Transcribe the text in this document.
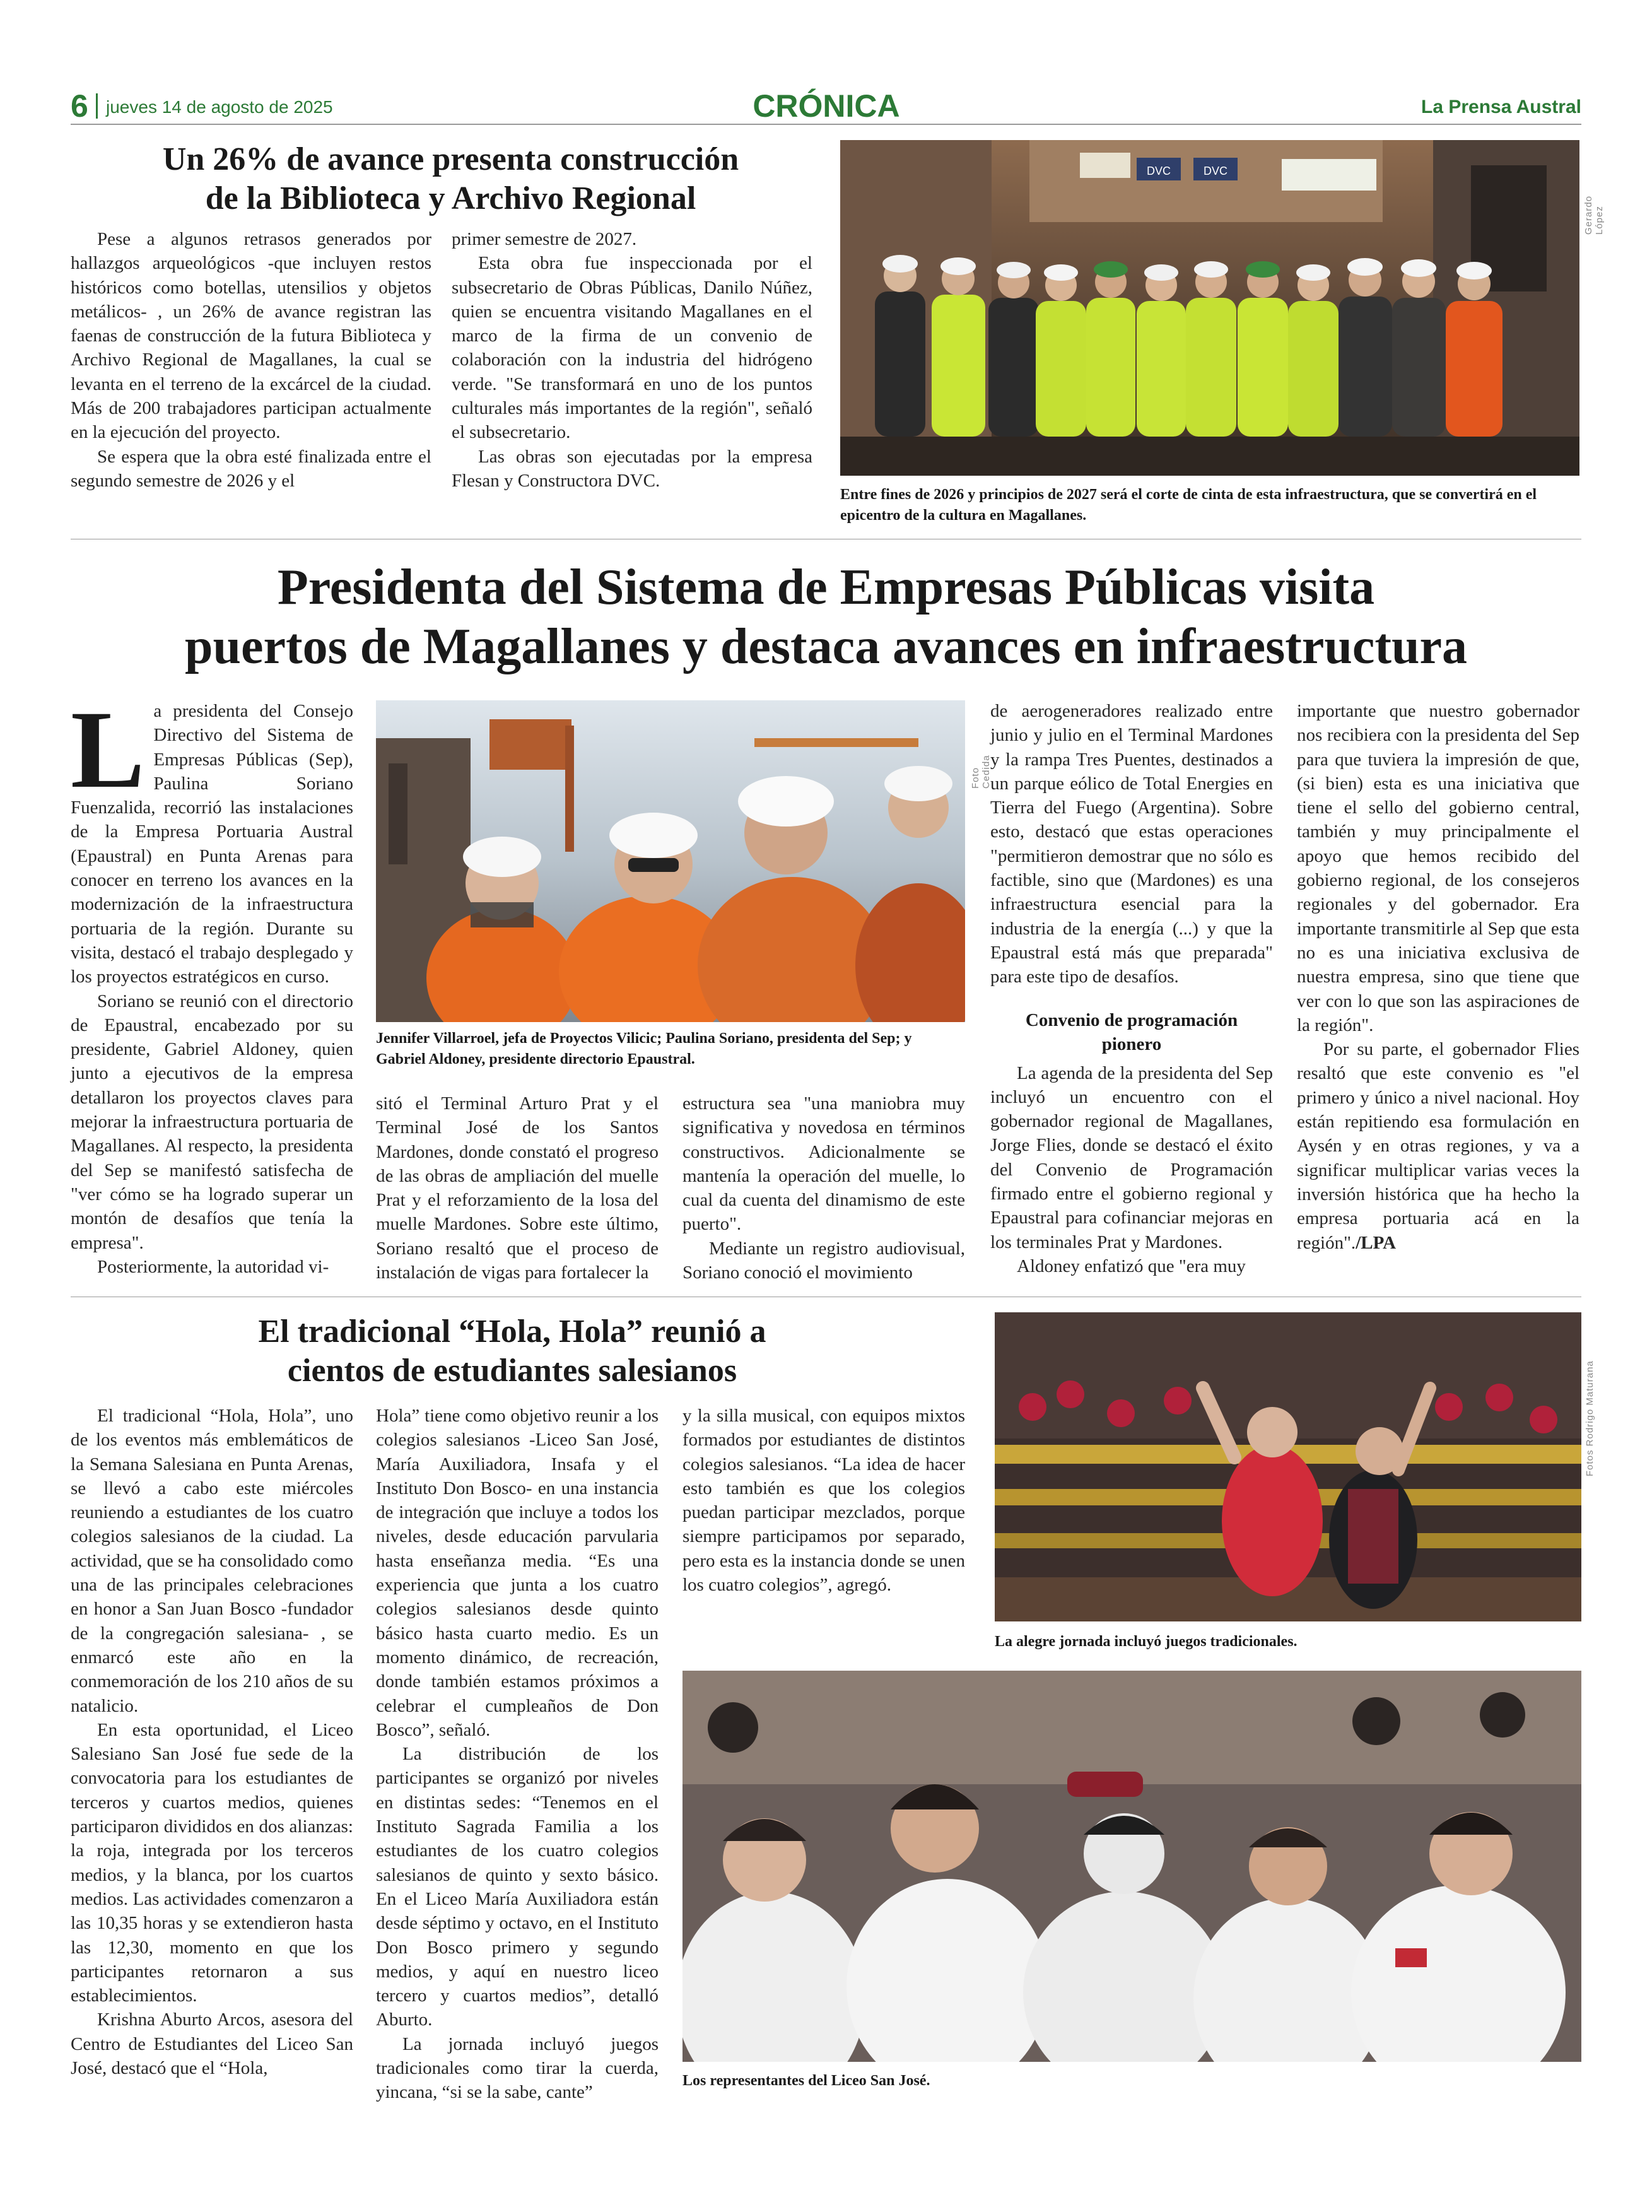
6 jueves 14 de agosto de 2025	CRÓNICA	La Prensa Austral
Un 26% de avance presenta construcción
de la Biblioteca y Archivo Regional

Pese a algunos retrasos generados por hallazgos arqueológicos -que incluyen restos históricos como botellas, utensilios y objetos metálicos- , un 26% de avance registran las faenas de construcción de la futura Biblioteca y Archivo Regional de Magallanes, la cual se levanta en el terreno de la excárcel de la ciudad. Más de 200 trabajadores participan actualmente en la ejecución del proyecto.

Se espera que la obra esté finalizada entre el segundo semestre de 2026 y el

primer semestre de 2027.

Esta obra fue inspeccionada por el subsecretario de Obras Públicas, Danilo Núñez, quien se encuentra visitando Magallanes en el marco de la firma de un convenio de colaboración con la industria del hidrógeno verde. "Se transformará en uno de los puntos culturales más importantes de la región", señaló el subsecretario.

Las obras son ejecutadas por la empresa Flesan y Constructora DVC.

DVC	DVC
Gerardo López
Entre fines de 2026 y principios de 2027 será el corte de cinta de esta infraestructura, que se convertirá en el epicentro de la cultura en Magallanes.
Presidenta del Sistema de Empresas Públicas visita
puertos de Magallanes y destaca avances en infraestructura

La presidenta del Consejo Directivo del Sistema de Empresas Públicas (Sep), Paulina Soriano Fuenzalida, recorrió las instalaciones de la Empresa Portuaria Austral (Epaustral) en Punta Arenas para conocer en terreno los avances en la modernización de la infraestructura portuaria de la región. Durante su visita, destacó el trabajo desplegado y los proyectos estratégicos en curso.

Soriano se reunió con el directorio de Epaustral, encabezado por su presidente, Gabriel Aldoney, quien junto a ejecutivos de la empresa detallaron los proyectos claves para mejorar la infraestructura portuaria de Magallanes. Al respecto, la presidenta del Sep se manifestó satisfecha de "ver cómo se ha logrado superar un montón de desafíos que tenía la empresa".

Posteriormente, la autoridad vi-

Foto Cedida
Jennifer Villarroel, jefa de Proyectos Vilicic; Paulina Soriano, presidenta del Sep; y Gabriel Aldoney, presidente directorio Epaustral.

sitó el Terminal Arturo Prat y el Terminal José de los Santos Mardones, donde constató el progreso de las obras de ampliación del muelle Prat y el reforzamiento de la losa del muelle Mardones. Sobre este último, Soriano resaltó que el proceso de instalación de vigas para fortalecer la

estructura sea "una maniobra muy significativa y novedosa en términos constructivos. Adicionalmente se mantenía la operación del muelle, lo cual da cuenta del dinamismo de este puerto".

Mediante un registro audiovisual, Soriano conoció el movimiento

de aerogeneradores realizado entre junio y julio en el Terminal Mardones y la rampa Tres Puentes, destinados a un parque eólico de Total Energies en Tierra del Fuego (Argentina). Sobre esto, destacó que estas operaciones "permitieron demostrar que no sólo es factible, sino que (Mardones) es una infraestructura esencial para la industria de la energía (...) y que la Epaustral está más que preparada" para este tipo de desafíos.

Convenio de programación pionero

La agenda de la presidenta del Sep incluyó un encuentro con el gobernador regional de Magallanes, Jorge Flies, donde se destacó el éxito del Convenio de Programación firmado entre el gobierno regional y Epaustral para cofinanciar mejoras en los terminales Prat y Mardones.

Aldoney enfatizó que "era muy

importante que nuestro gobernador nos recibiera con la presidenta del Sep para que tuviera la impresión de que, (si bien) esta es una iniciativa que tiene el sello del gobierno central, también y muy principalmente el apoyo que hemos recibido del gobierno regional, de los consejeros regionales y del gobernador. Era importante transmitirle al Sep que esta no es una iniciativa exclusiva de nuestra empresa, sino que tiene que ver con lo que son las aspiraciones de la región".

Por su parte, el gobernador Flies resaltó que este convenio es "el primero y único a nivel nacional. Hoy están repitiendo esa formulación en Aysén y en otras regiones, y va a significar multiplicar varias veces la inversión histórica que ha hecho la empresa portuaria acá en la región"./LPA

El tradicional “Hola, Hola” reunió a
cientos de estudiantes salesianos

El tradicional “Hola, Hola”, uno de los eventos más emblemáticos de la Semana Salesiana en Punta Arenas, se llevó a cabo este miércoles reuniendo a estudiantes de los cuatro colegios salesianos de la ciudad. La actividad, que se ha consolidado como una de las principales celebraciones en honor a San Juan Bosco -fundador de la congregación salesiana- , se enmarcó este año en la conmemoración de los 210 años de su natalicio.

En esta oportunidad, el Liceo Salesiano San José fue sede de la convocatoria para los estudiantes de terceros y cuartos medios, quienes participaron divididos en dos alianzas: la roja, integrada por los terceros medios, y la blanca, por los cuartos medios. Las actividades comenzaron a las 10,35 horas y se extendieron hasta las 12,30, momento en que los participantes retornaron a sus establecimientos.

Krishna Aburto Arcos, asesora del Centro de Estudiantes del Liceo San José, destacó que el “Hola,

Hola” tiene como objetivo reunir a los colegios salesianos -Liceo San José, María Auxiliadora, Insafa y el Instituto Don Bosco- en una instancia de integración que incluye a todos los niveles, desde educación parvularia hasta enseñanza media. “Es una experiencia que junta a los cuatro colegios salesianos desde quinto básico hasta cuarto medio. Es un momento dinámico, de recreación, donde también estamos próximos a celebrar el cumpleaños de Don Bosco”, señaló.

La distribución de los participantes se organizó por niveles en distintas sedes: “Tenemos en el Instituto Sagrada Familia a los estudiantes de los cuatro colegios salesianos de quinto y sexto básico. En el Liceo María Auxiliadora están desde séptimo y octavo, en el Instituto Don Bosco primero y segundo medios, y aquí en nuestro liceo tercero y cuartos medios”, detalló Aburto.

La jornada incluyó juegos tradicionales como tirar la cuerda, yincana, “si se la sabe, cante”

y la silla musical, con equipos mixtos formados por estudiantes de distintos colegios salesianos. “La idea de hacer esto también es que los colegios puedan participar mezclados, porque siempre participamos por separado, pero esta es la instancia donde se unen los cuatro colegios”, agregó.

Fotos Rodrigo Maturana
La alegre jornada incluyó juegos tradicionales.
Los representantes del Liceo San José.
